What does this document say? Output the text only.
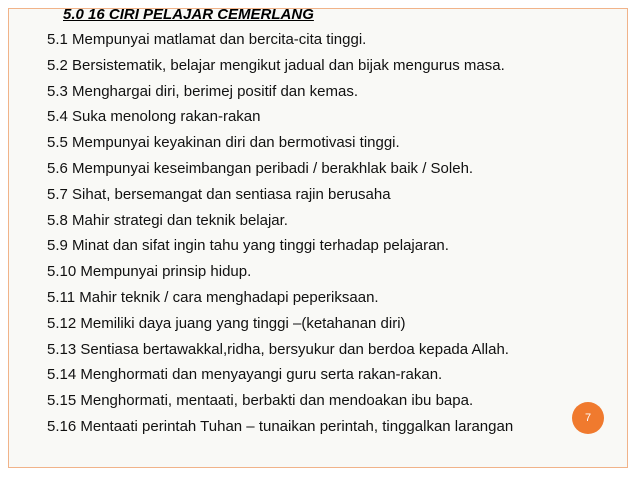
5.0 16 CIRI PELAJAR CEMERLANG
5.1 Mempunyai matlamat dan bercita-cita tinggi.
5.2 Bersistematik, belajar mengikut jadual dan bijak mengurus masa.
5.3 Menghargai diri, berimej positif dan kemas.
5.4 Suka menolong rakan-rakan
5.5 Mempunyai keyakinan diri dan bermotivasi tinggi.
5.6 Mempunyai keseimbangan peribadi / berakhlak baik / Soleh.
5.7 Sihat, bersemangat dan sentiasa rajin berusaha
5.8 Mahir strategi dan teknik belajar.
5.9 Minat dan sifat ingin tahu yang tinggi terhadap pelajaran.
5.10 Mempunyai prinsip hidup.
5.11 Mahir teknik / cara menghadapi peperiksaan.
5.12 Memiliki daya juang yang tinggi –(ketahanan diri)
5.13 Sentiasa bertawakkal,ridha, bersyukur dan berdoa kepada Allah.
5.14 Menghormati dan menyayangi guru serta rakan-rakan.
5.15 Menghormati, mentaati, berbakti dan mendoakan ibu bapa.
5.16 Mentaati perintah Tuhan – tunaikan perintah, tinggalkan larangan	7
